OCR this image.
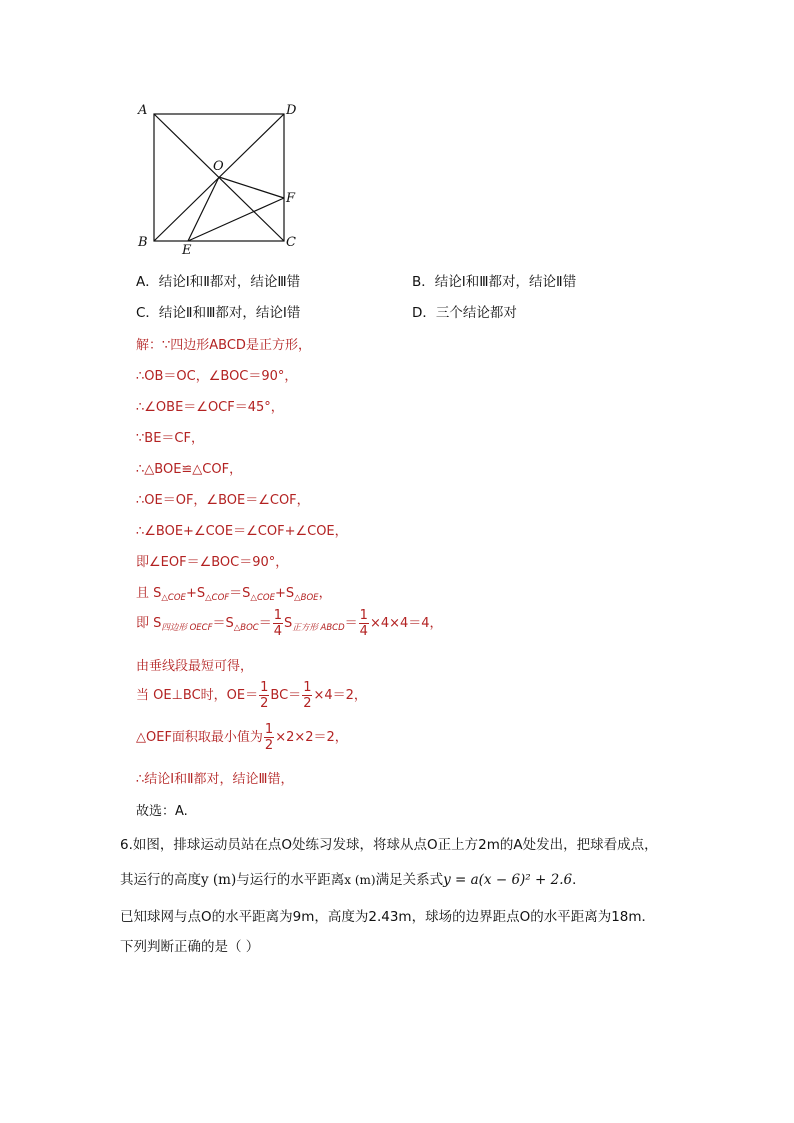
A	D
O
F
B
E
C
A．结论Ⅰ和Ⅱ都对，结论Ⅲ错	B．结论Ⅰ和Ⅲ都对，结论Ⅱ错
C．结论Ⅱ和Ⅲ都对，结论Ⅰ错	D．三个结论都对
解：∵四边形ABCD是正方形，
∴OB＝OC，∠BOC＝90°，
∴∠OBE＝∠OCF＝45°，
∵BE＝CF，
∴△BOE≌△COF，
∴OE＝OF，∠BOE＝∠COF，
∴∠BOE+∠COE＝∠COF+∠COE，
即∠EOF＝∠BOC＝90°，
且 $S_{\triangle COE}+S_{\triangle COF}=S_{\triangle COE}+S_{\triangle BOE}$，
即 $S_{四边形 OECF}=S_{\triangle BOC}= \frac{1}{4} S_{正方形 ABCD}= \frac{1}{4} \times 4\times 4=4$，
由垂线段最短可得，
当 OE⊥BC时，$OE= \frac{1}{2} BC= \frac{1}{2} \times 4=2$，
△OEF面积取最小值为 $\frac{1}{2} \times 2\times 2=2$，
∴结论Ⅰ和Ⅱ都对，结论Ⅲ错，
故选：A.
6.如图，排球运动员站在点O处练习发球，将球从点O正上方2m的A处发出，把球看成点，
其运行的高度y (m)与运行的水平距离x (m)满足关系式y = a(x − 6)² + 2.6．
已知球网与点O的水平距离为9m，高度为2.43m，球场的边界距点O的水平距离为18m．
下列判断正确的是（ ）
